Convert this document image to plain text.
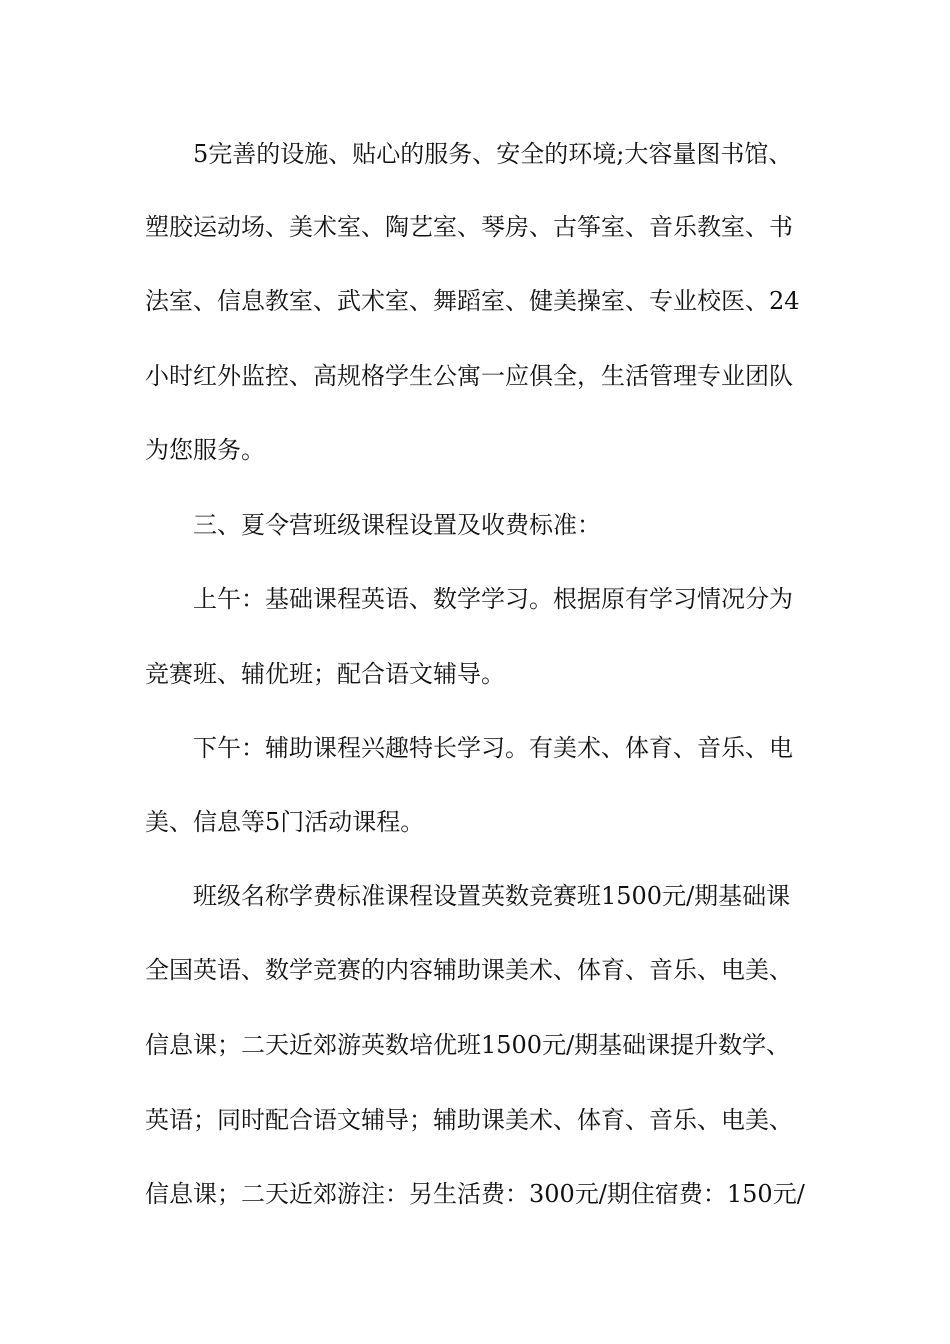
5完善的设施、贴心的服务、安全的环境;大容量图书馆、
塑胶运动场、美术室、陶艺室、琴房、古筝室、音乐教室、书
法室、信息教室、武术室、舞蹈室、健美操室、专业校医、24
小时红外监控、高规格学生公寓一应俱全，生活管理专业团队
为您服务。
三、夏令营班级课程设置及收费标准：
上午：基础课程英语、数学学习。根据原有学习情况分为
竞赛班、辅优班；配合语文辅导。
下午：辅助课程兴趣特长学习。有美术、体育、音乐、电
美、信息等5门活动课程。
班级名称学费标准课程设置英数竞赛班1500元/期基础课
全国英语、数学竞赛的内容辅助课美术、体育、音乐、电美、
信息课；二天近郊游英数培优班1500元/期基础课提升数学、
英语；同时配合语文辅导；辅助课美术、体育、音乐、电美、
信息课；二天近郊游注：另生活费：300元/期住宿费：150元/
